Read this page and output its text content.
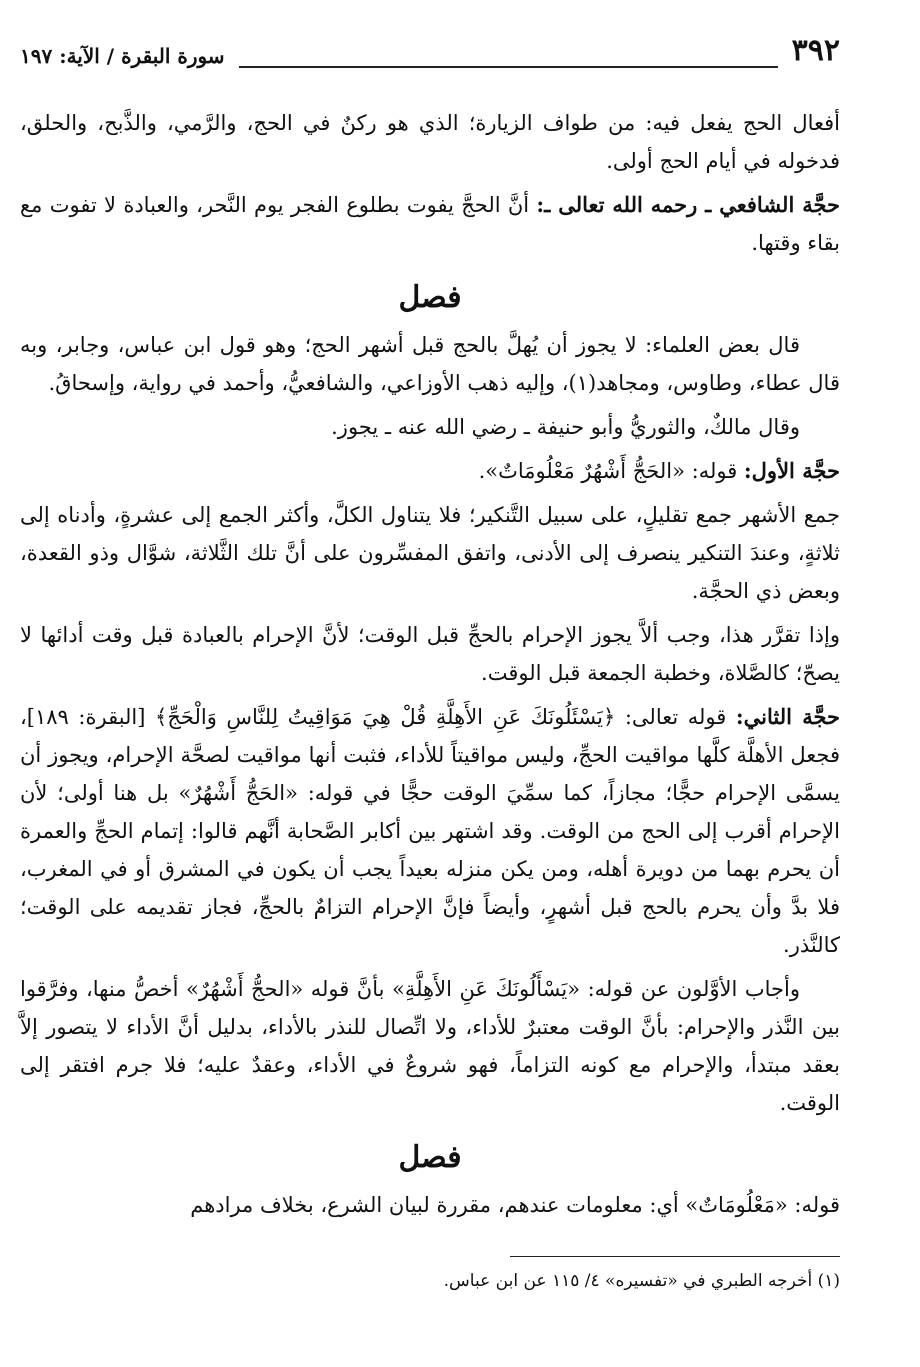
٣٩٢
سورة البقرة / الآية: ١٩٧

أفعال الحج يفعل فيه: من طواف الزيارة؛ الذي هو ركنٌ في الحج، والرَّمي، والذَّبح، والحلق، فدخوله في أيام الحج أولى.

حجَّة الشافعي ـ رحمه الله تعالى ـ: أنَّ الحجَّ يفوت بطلوع الفجر يوم النَّحر، والعبادة لا تفوت مع بقاء وقتها.

فصل

قال بعض العلماء: لا يجوز أن يُهلَّ بالحج قبل أشهر الحج؛ وهو قول ابن عباس، وجابر، وبه قال عطاء، وطاوس، ومجاهد(١)، وإليه ذهب الأوزاعي، والشافعيُّ، وأحمد في رواية، وإسحاقُ.

وقال مالكٌ، والثوريُّ وأبو حنيفة ـ رضي الله عنه ـ يجوز.

حجَّة الأول: قوله: «الحَجُّ أَشْهُرٌ مَعْلُومَاتٌ».

جمع الأشهر جمع تقليلٍ، على سبيل التَّنكير؛ فلا يتناول الكلَّ، وأكثر الجمع إلى عشرةٍ، وأدناه إلى ثلاثةٍ، وعندَ التنكير ينصرف إلى الأدنى، واتفق المفسِّرون على أنَّ تلك الثَّلاثة، شوَّال وذو القعدة، وبعض ذي الحجَّة.

وإذا تقرَّر هذا، وجب ألاَّ يجوز الإحرام بالحجِّ قبل الوقت؛ لأنَّ الإحرام بالعبادة قبل وقت أدائها لا يصحّ؛ كالصَّلاة، وخطبة الجمعة قبل الوقت.

حجَّة الثاني: قوله تعالى: ﴿يَسْئَلُونَكَ عَنِ الأَهِلَّةِ قُلْ هِيَ مَوَاقِيتُ لِلنَّاسِ وَالْحَجِّ﴾ [البقرة: ١٨٩]، فجعل الأهلَّة كلَّها مواقيت الحجِّ، وليس مواقيتاً للأداء، فثبت أنها مواقيت لصحَّة الإحرام، ويجوز أن يسمَّى الإحرام حجًّا؛ مجازاً، كما سمِّيَ الوقت حجًّا في قوله: «الحَجُّ أَشْهُرٌ» بل هنا أولى؛ لأن الإحرام أقرب إلى الحج من الوقت. وقد اشتهر بين أكابر الصَّحابة أنَّهم قالوا: إتمام الحجِّ والعمرة أن يحرم بهما من دويرة أهله، ومن يكن منزله بعيداً يجب أن يكون في المشرق أو في المغرب، فلا بدَّ وأن يحرم بالحج قبل أشهرٍ، وأيضاً فإنَّ الإحرام التزامٌ بالحجِّ، فجاز تقديمه على الوقت؛ كالنَّذر.

وأجاب الأوَّلون عن قوله: «يَسْأَلُونَكَ عَنِ الأَهِلَّةِ» بأنَّ قوله «الحجُّ أَشْهُرٌ» أخصُّ منها، وفرَّقوا بين النَّذر والإحرام: بأنَّ الوقت معتبرٌ للأداء، ولا اتِّصال للنذر بالأداء، بدليل أنَّ الأداء لا يتصور إلاَّ بعقد مبتدأ، والإحرام مع كونه التزاماً، فهو شروعٌ في الأداء، وعقدٌ عليه؛ فلا جرم افتقر إلى الوقت.

فصل

قوله: «مَعْلُومَاتٌ» أي: معلومات عندهم، مقررة لبيان الشرع، بخلاف مرادهم

(١) أخرجه الطبري في «تفسيره» ٤/ ١١٥ عن ابن عباس.
